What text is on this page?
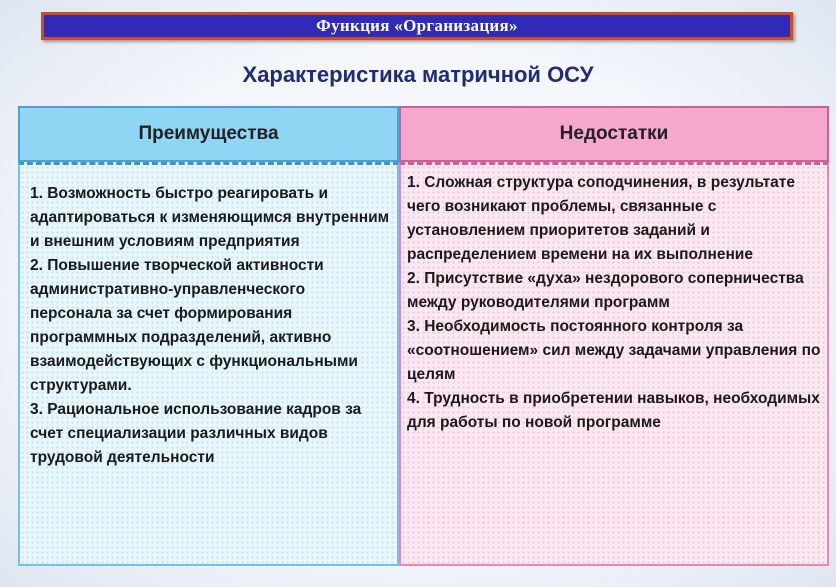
Функция «Организация»
Характеристика матричной ОСУ
Преимущества	Недостатки

1. Возможность быстро реагировать и адаптироваться к изменяющимся внутренним и внешним условиям предприятия

2. Повышение творческой активности административно-управленческого персонала за счет формирования программных подразделений, активно взаимодействующих с функциональными структурами.

3. Рациональное использование кадров за счет специализации различных видов трудовой деятельности

1. Сложная структура соподчинения, в результате чего возникают проблемы, связанные с установлением приоритетов заданий и распределением времени на их выполнение

2. Присутствие «духа» нездорового соперничества между руководителями программ

3. Необходимость постоянного контроля за «соотношением» сил между задачами управления по целям

4. Трудность в приобретении навыков, необходимых для работы по новой программе
